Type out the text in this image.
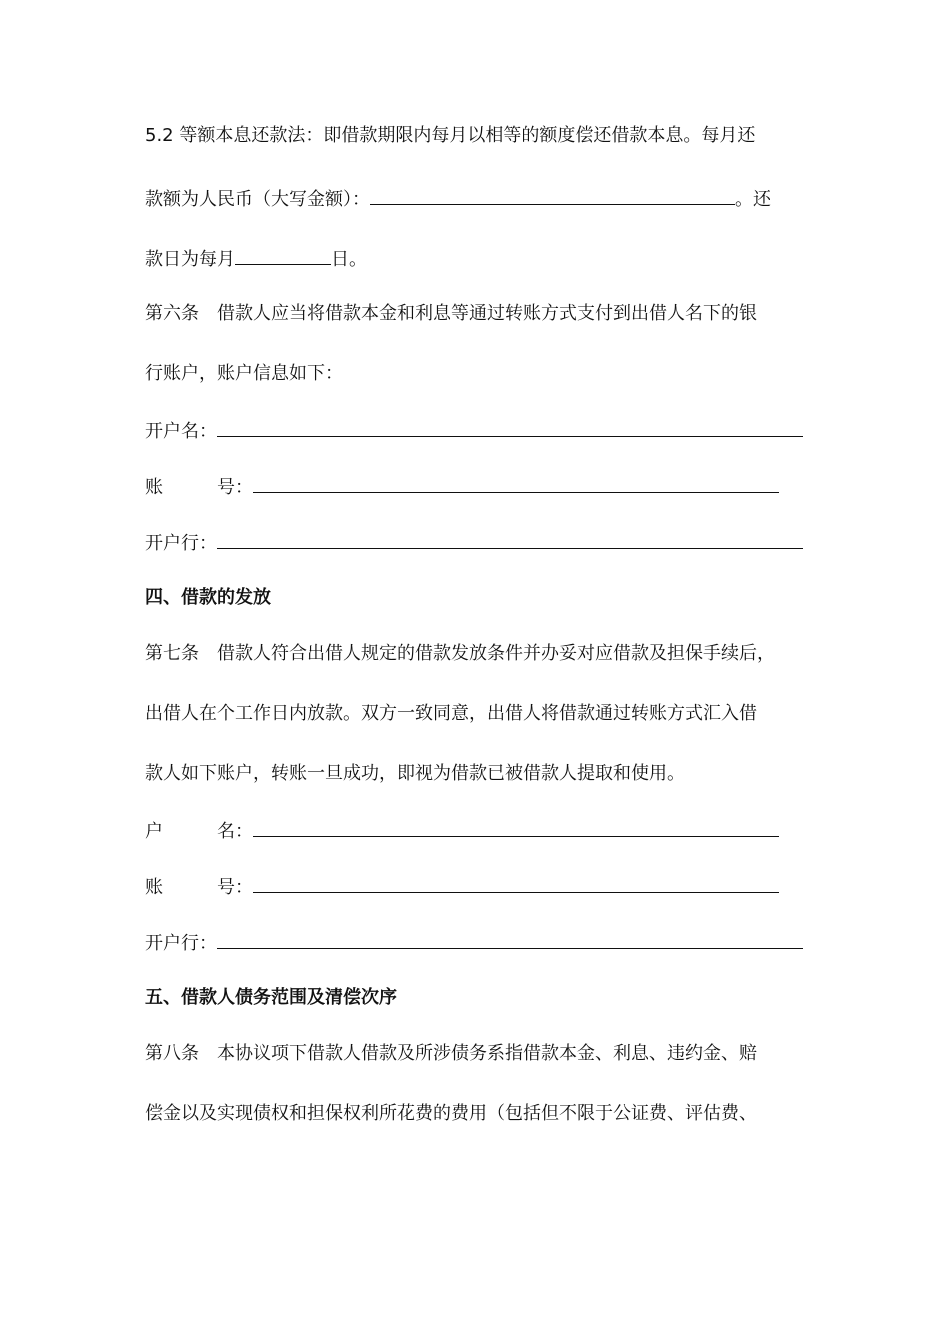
5.2 等额本息还款法：即借款期限内每月以相等的额度偿还借款本息。每月还
款额为人民币（大写金额）：	。还
款日为每月	日。
第六条　借款人应当将借款本金和利息等通过转账方式支付到出借人名下的银
行账户，账户信息如下：
开户名：
账	号：
开户行：
四、借款的发放
第七条　借款人符合出借人规定的借款发放条件并办妥对应借款及担保手续后，
出借人在个工作日内放款。双方一致同意，出借人将借款通过转账方式汇入借
款人如下账户，转账一旦成功，即视为借款已被借款人提取和使用。
户	名：
账	号：
开户行：
五、借款人债务范围及清偿次序
第八条　本协议项下借款人借款及所涉债务系指借款本金、利息、违约金、赔
偿金以及实现债权和担保权利所花费的费用（包括但不限于公证费、评估费、
